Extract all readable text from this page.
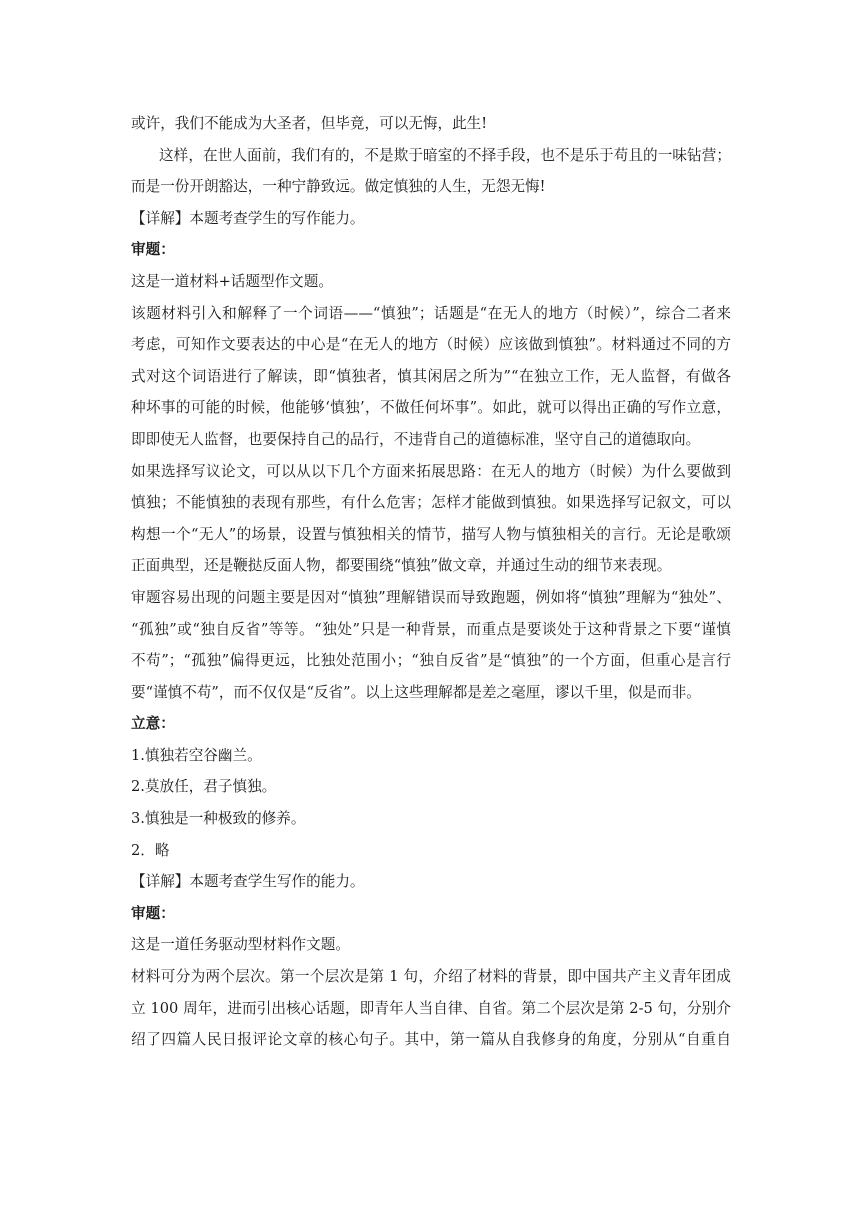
或许，我们不能成为大圣者，但毕竟，可以无悔，此生!
这样，在世人面前，我们有的，不是欺于暗室的不择手段，也不是乐于苟且的一味钻营；
而是一份开朗豁达，一种宁静致远。做定慎独的人生，无怨无悔!
【详解】本题考查学生的写作能力。
审题：
这是一道材料+话题型作文题。
该题材料引入和解释了一个词语——“慎独”；话题是“在无人的地方（时候）”，综合二者来
考虑，可知作文要表达的中心是“在无人的地方（时候）应该做到慎独”。材料通过不同的方
式对这个词语进行了解读，即“慎独者，慎其闲居之所为”“在独立工作，无人监督，有做各
种坏事的可能的时候，他能够‘慎独’，不做任何坏事”。如此，就可以得出正确的写作立意，
即即使无人监督，也要保持自己的品行，不违背自己的道德标准，坚守自己的道德取向。
如果选择写议论文，可以从以下几个方面来拓展思路：在无人的地方（时候）为什么要做到
慎独；不能慎独的表现有那些，有什么危害；怎样才能做到慎独。如果选择写记叙文，可以
构想一个“无人”的场景，设置与慎独相关的情节，描写人物与慎独相关的言行。无论是歌颂
正面典型，还是鞭挞反面人物，都要围绕“慎独”做文章，并通过生动的细节来表现。
审题容易出现的问题主要是因对“慎独”理解错误而导致跑题，例如将“慎独”理解为“独处”、
“孤独”或“独自反省”等等。“独处”只是一种背景，而重点是要谈处于这种背景之下要“谨慎
不苟”；“孤独”偏得更远，比独处范围小；“独自反省”是“慎独”的一个方面，但重心是言行
要“谨慎不苟”，而不仅仅是“反省”。以上这些理解都是差之毫厘，谬以千里，似是而非。
立意：
1.慎独若空谷幽兰。
2.莫放任，君子慎独。
3.慎独是一种极致的修养。
2．略
【详解】本题考查学生写作的能力。
审题：
这是一道任务驱动型材料作文题。
材料可分为两个层次。第一个层次是第 1 句，介绍了材料的背景，即中国共产主义青年团成
立 100 周年，进而引出核心话题，即青年人当自律、自省。第二个层次是第 2-5 句，分别介
绍了四篇人民日报评论文章的核心句子。其中，第一篇从自我修身的角度，分别从“自重自
